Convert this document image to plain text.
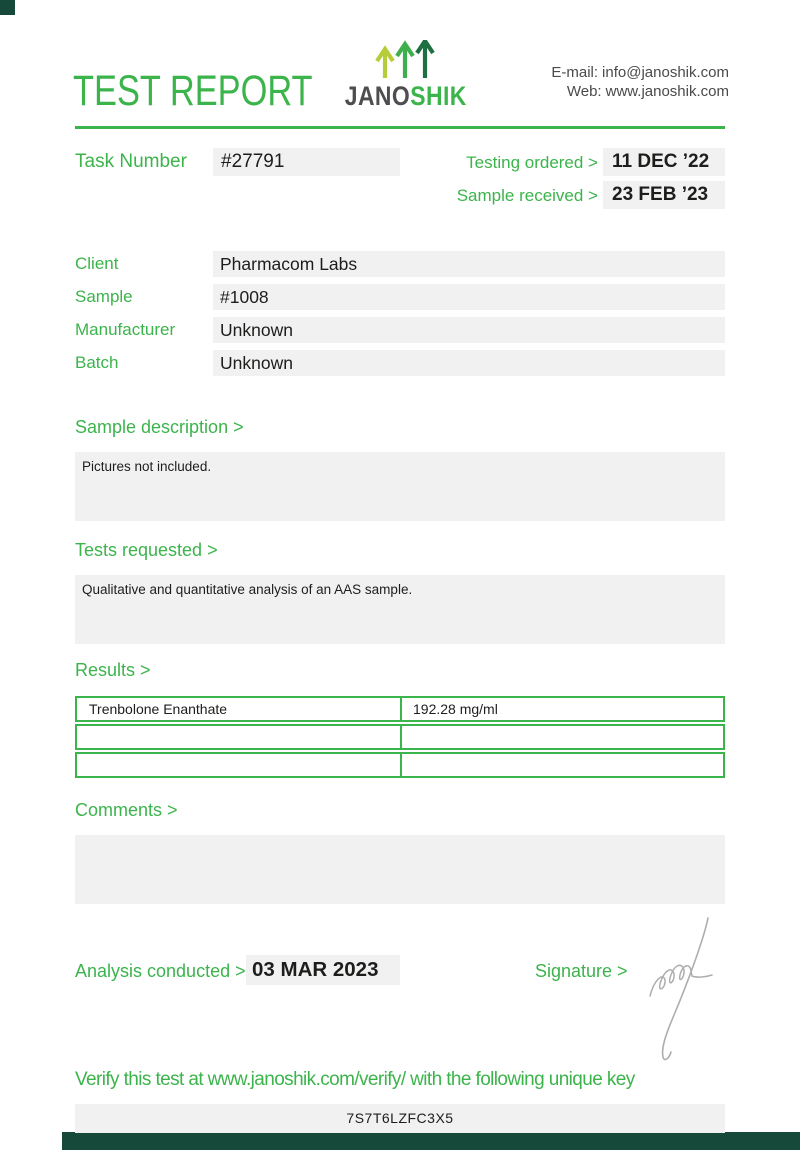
TEST REPORT JANOSHIK
E-mail: info@janoshik.com
Web: www.janoshik.com
Task Number	#27791	Testing ordered > 11 DEC ’22
Sample received > 23 FEB ’23
Client	Pharmacom Labs
Sample	#1008
Manufacturer	Unknown
Batch	Unknown
Sample description >
Pictures not included.
Tests requested >
Qualitative and quantitative analysis of an AAS sample.
Results >
Trenbolone Enanthate	192.28 mg/ml
Comments >
Analysis conducted > 03 MAR 2023	Signature >
Verify this test at www.janoshik.com/verify/ with the following unique key
7S7T6LZFC3X5
